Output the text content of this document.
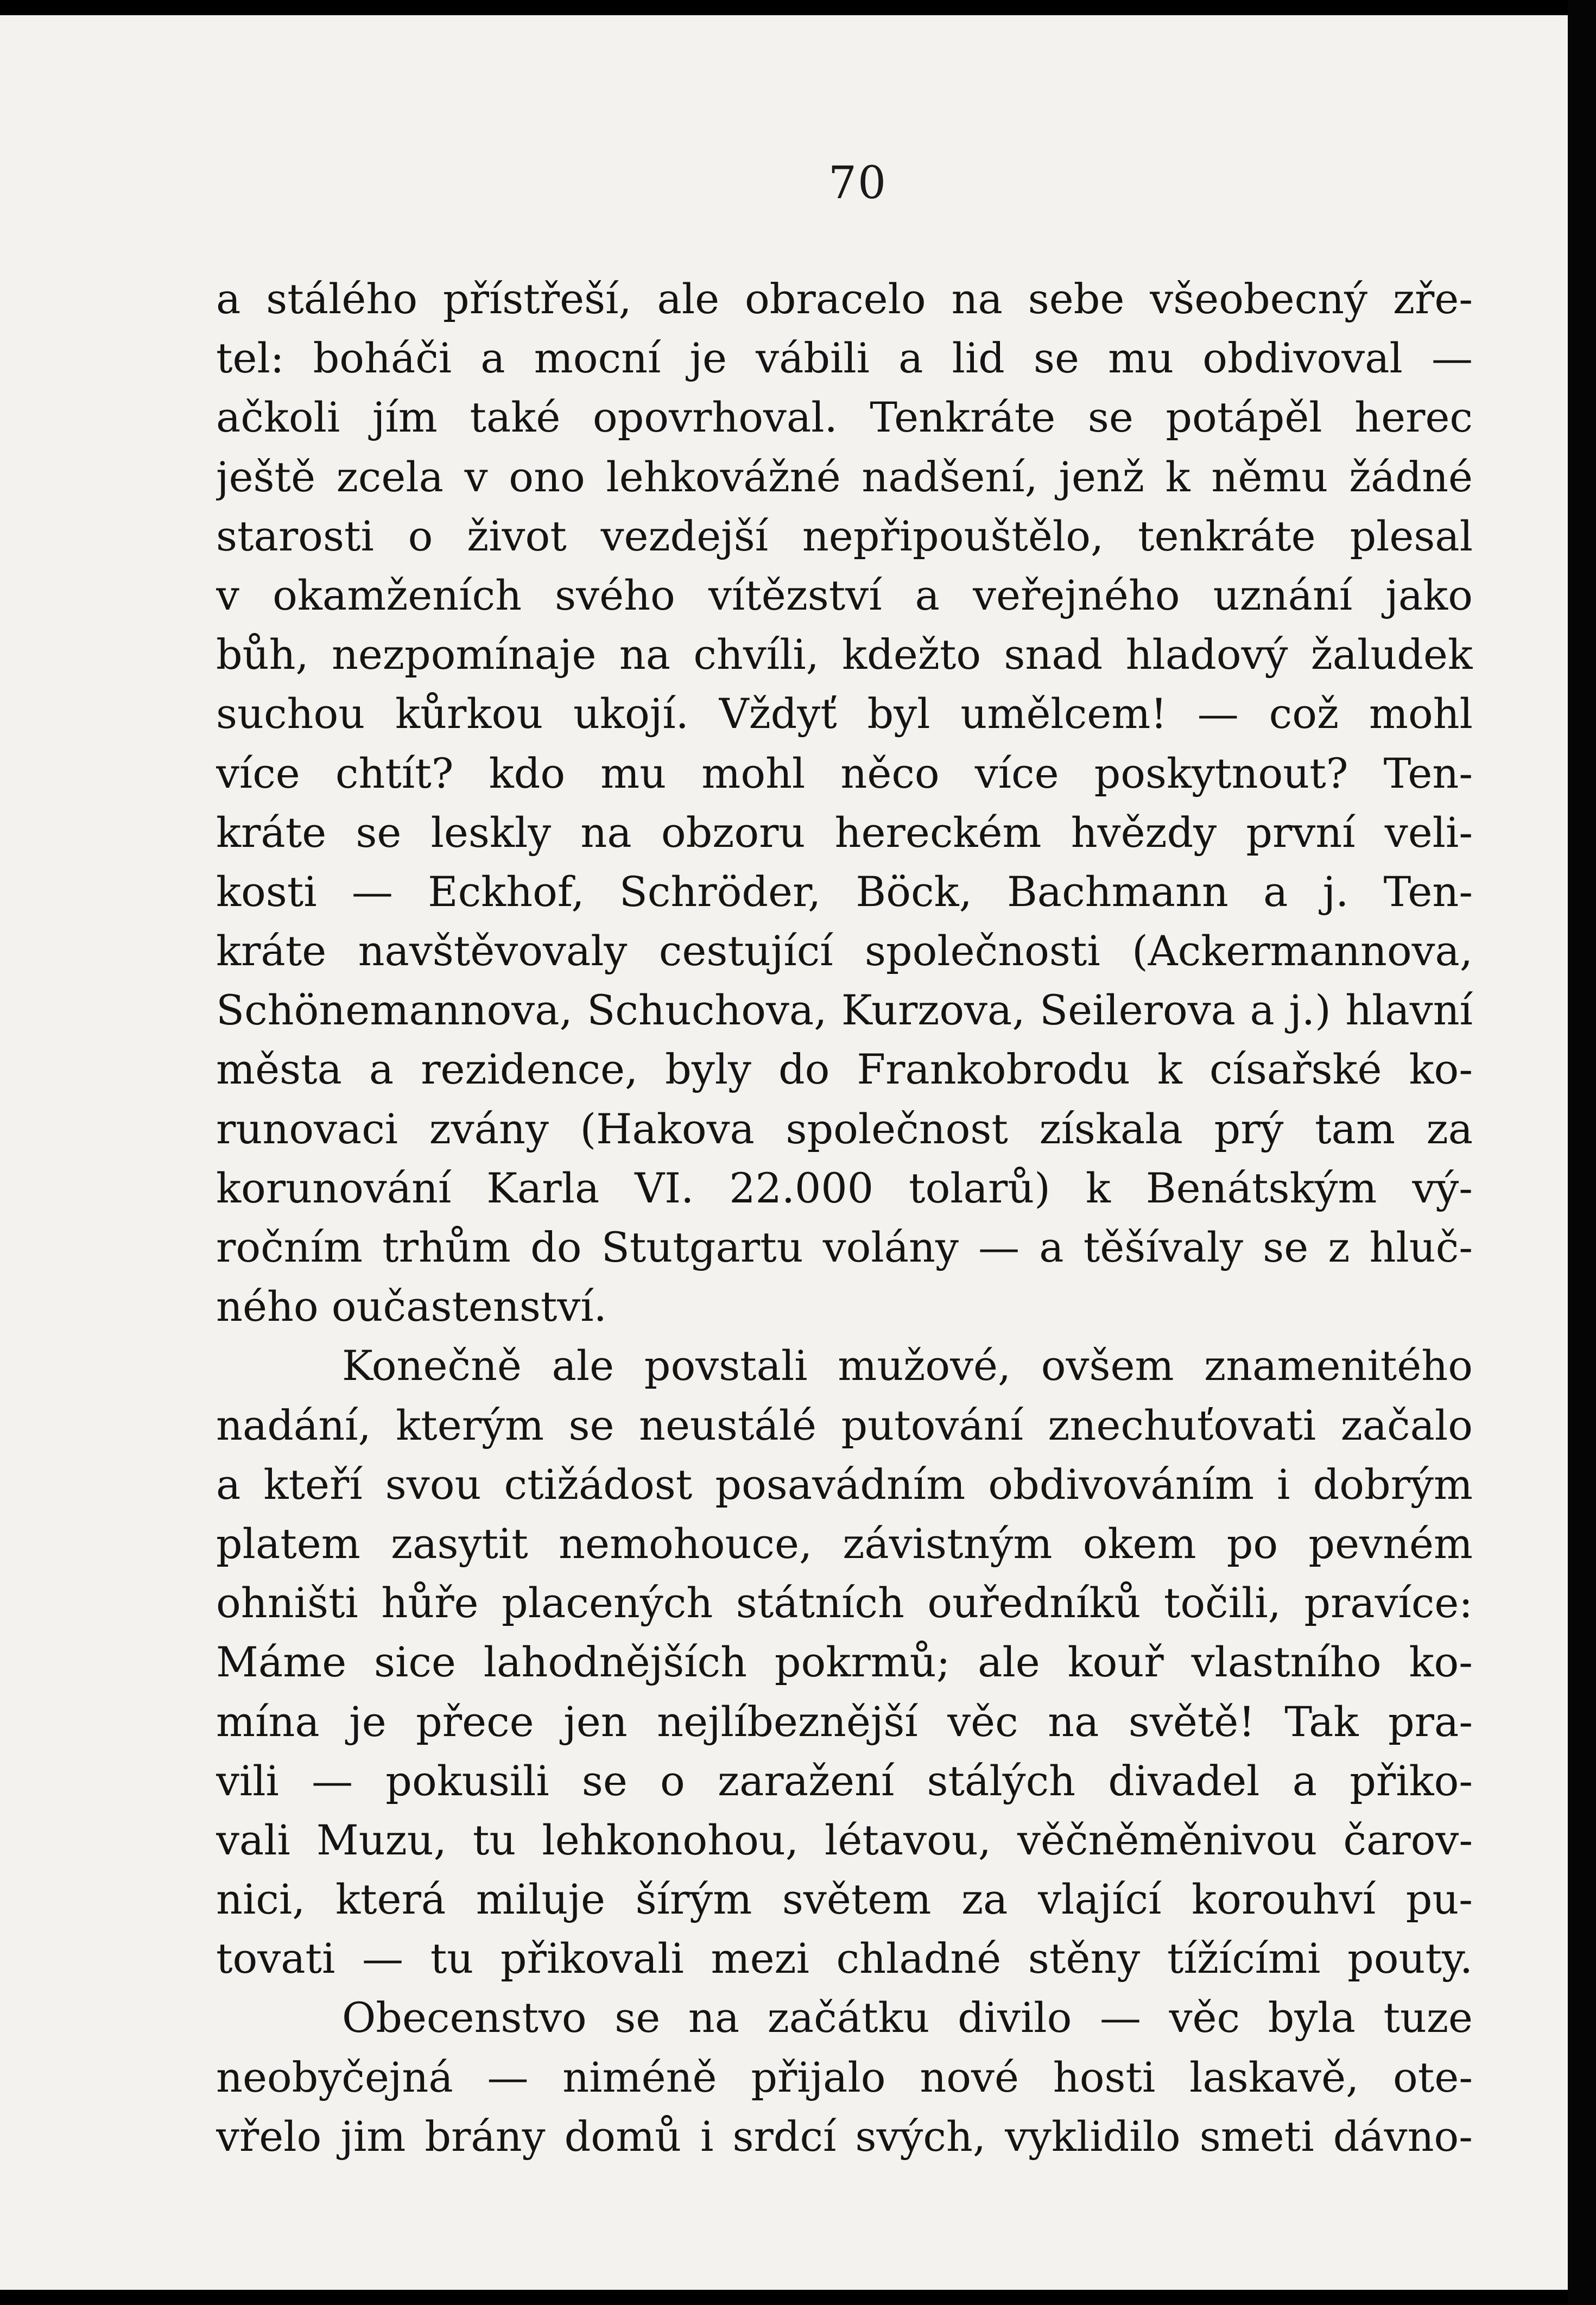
70
a stálého přístřeší, ale obracelo na sebe všeobecný zře-
tel: boháči a mocní je vábili a lid se mu obdivoval —
ačkoli jím také opovrhoval. Tenkráte se potápěl herec
ještě zcela v ono lehkovážné nadšení, jenž k němu žádné
starosti o život vezdejší nepřipouštělo, tenkráte plesal
v okamženích svého vítězství a veřejného uznání jako
bůh, nezpomínaje na chvíli, kdežto snad hladový žaludek
suchou kůrkou ukojí. Vždyť byl umělcem! — což mohl
více chtít? kdo mu mohl něco více poskytnout? Ten-
kráte se leskly na obzoru hereckém hvězdy první veli-
kosti — Eckhof, Schröder, Böck, Bachmann a j. Ten-
kráte navštěvovaly cestující společnosti (Ackermannova,
Schönemannova, Schuchova, Kurzova, Seilerova a j.) hlavní
města a rezidence, byly do Frankobrodu k císařské ko-
runovaci zvány (Hakova společnost získala prý tam za
korunování Karla VI. 22.000 tolarů) k Benátským vý-
ročním trhům do Stutgartu volány — a těšívaly se z hluč-
ného oučastenství.
Konečně ale povstali mužové, ovšem znamenitého
nadání, kterým se neustálé putování znechuťovati začalo
a kteří svou ctižádost posavádním obdivováním i dobrým
platem zasytit nemohouce, závistným okem po pevném
ohništi hůře placených státních ouředníků točili, pravíce:
Máme sice lahodnějších pokrmů; ale kouř vlastního ko-
mína je přece jen nejlíbeznější věc na světě! Tak pra-
vili — pokusili se o zaražení stálých divadel a přiko-
vali Muzu, tu lehkonohou, létavou, věčněměnivou čarov-
nici, která miluje šírým světem za vlající korouhví pu-
tovati — tu přikovali mezi chladné stěny tížícími pouty.
Obecenstvo se na začátku divilo — věc byla tuze
neobyčejná — niméně přijalo nové hosti laskavě, ote-
vřelo jim brány domů i srdcí svých, vyklidilo smeti dávno-
